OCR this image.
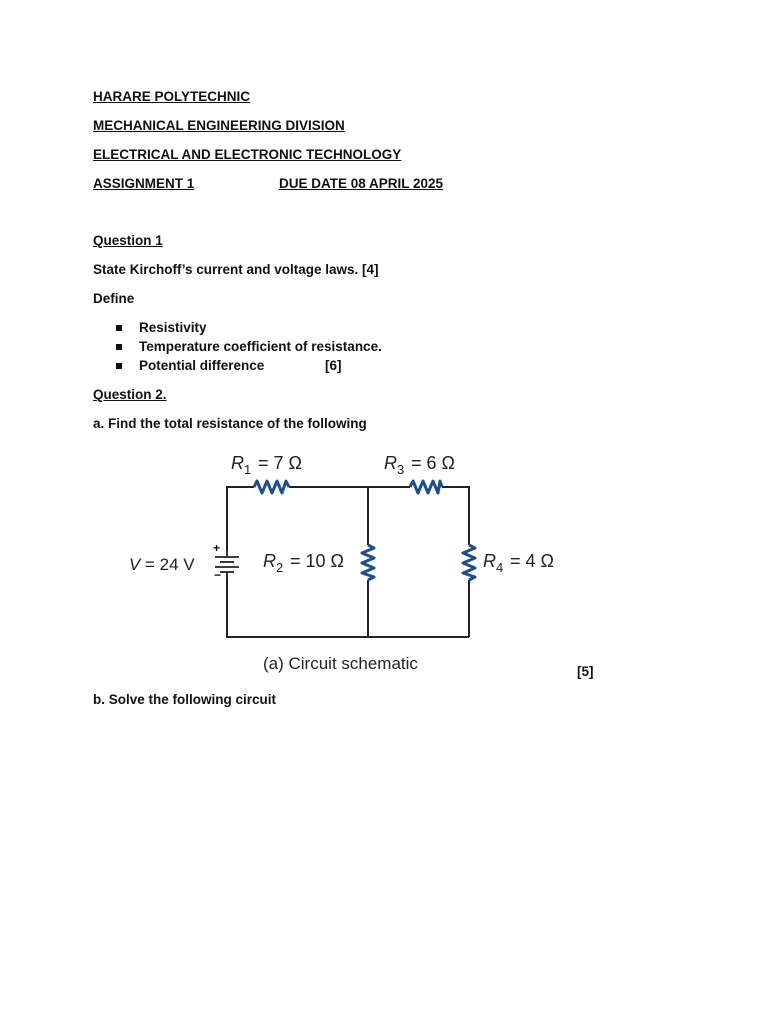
HARARE POLYTECHNIC
MECHANICAL ENGINEERING DIVISION
ELECTRICAL AND ELECTRONIC TECHNOLOGY
ASSIGNMENT 1	DUE DATE 08 APRIL 2025
Question 1
State Kirchoff’s current and voltage laws. [4]
Define
Resistivity
Temperature coefficient of resistance.
Potential difference	[6]
Question 2.
a. Find the total resistance of the following
+
−
R 1 = 7 Ω	R 3 = 6 Ω
R 2 = 10 Ω	R 4 = 4 Ω
V = 24 V
(a) Circuit schematic	[5]
b. Solve the following circuit
